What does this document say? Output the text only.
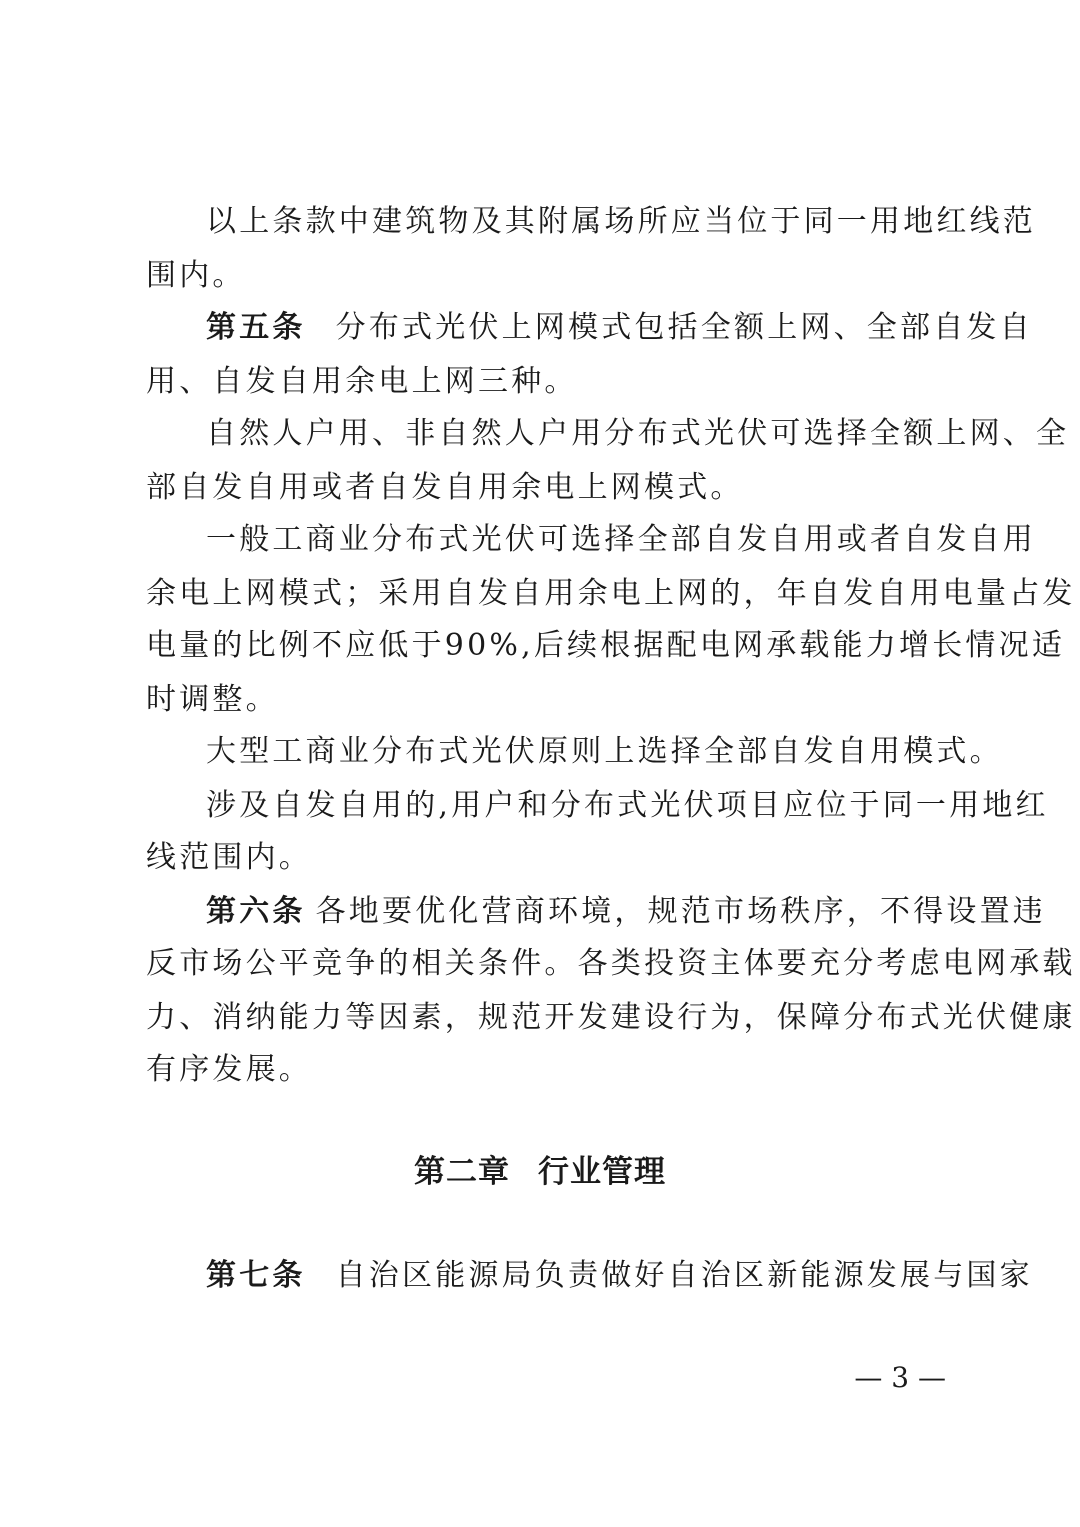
以上条款中建筑物及其附属场所应当位于同一用地红线范
围内。
第五条 分布式光伏上网模式包括全额上网、全部自发自
用、自发自用余电上网三种。
自然人户用、非自然人户用分布式光伏可选择全额上网、全
部自发自用或者自发自用余电上网模式。
一般工商业分布式光伏可选择全部自发自用或者自发自用
余电上网模式；采用自发自用余电上网的，年自发自用电量占发
电量的比例不应低于90%,后续根据配电网承载能力增长情况适
时调整。
大型工商业分布式光伏原则上选择全部自发自用模式。
涉及自发自用的,用户和分布式光伏项目应位于同一用地红
线范围内。
第六条 各地要优化营商环境，规范市场秩序，不得设置违
反市场公平竞争的相关条件。各类投资主体要充分考虑电网承载
力、消纳能力等因素，规范开发建设行为，保障分布式光伏健康
有序发展。
第二章 行业管理
第七条 自治区能源局负责做好自治区新能源发展与国家
— 3 —
